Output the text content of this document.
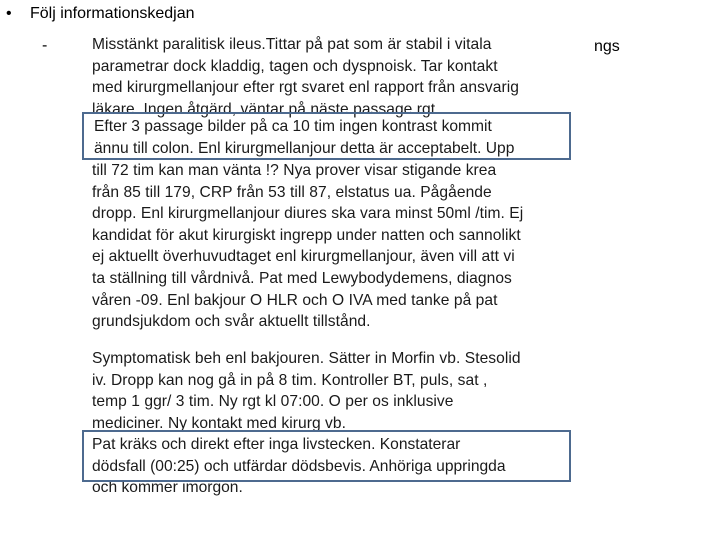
• Följ informationskedjan
-	ngs
Misstänkt paralitisk ileus.Tittar på pat som är stabil i vitala
parametrar dock kladdig, tagen och dyspnoisk. Tar kontakt
med kirurgmellanjour efter rgt svaret enl rapport från ansvarig
läkare. Ingen åtgärd, väntar på näste passage rgt.
Efter 3 passage bilder på ca 10 tim ingen kontrast kommit
ännu till colon. Enl kirurgmellanjour detta är acceptabelt. Upp
till 72 tim kan man vänta !? Nya prover visar stigande krea
från 85 till 179, CRP från 53 till 87, elstatus ua. Pågående
dropp. Enl kirurgmellanjour diures ska vara minst 50ml /tim. Ej
kandidat för akut kirurgiskt ingrepp under natten och sannolikt
ej aktuellt överhuvudtaget enl kirurgmellanjour, även vill att vi
ta ställning till vårdnivå. Pat med Lewybodydemens, diagnos
våren -09. Enl bakjour O HLR och O IVA med tanke på pat
grundsjukdom och svår aktuellt tillstånd.
Symptomatisk beh enl bakjouren. Sätter in Morfin vb. Stesolid
iv. Dropp kan nog gå in på 8 tim. Kontroller BT, puls, sat ,
temp 1 ggr/ 3 tim. Ny rgt kl 07:00. O per os inklusive
mediciner. Ny kontakt med kirurg vb.
Pat kräks och direkt efter inga livstecken. Konstaterar
dödsfall (00:25) och utfärdar dödsbevis. Anhöriga uppringda
och kommer imorgon.
